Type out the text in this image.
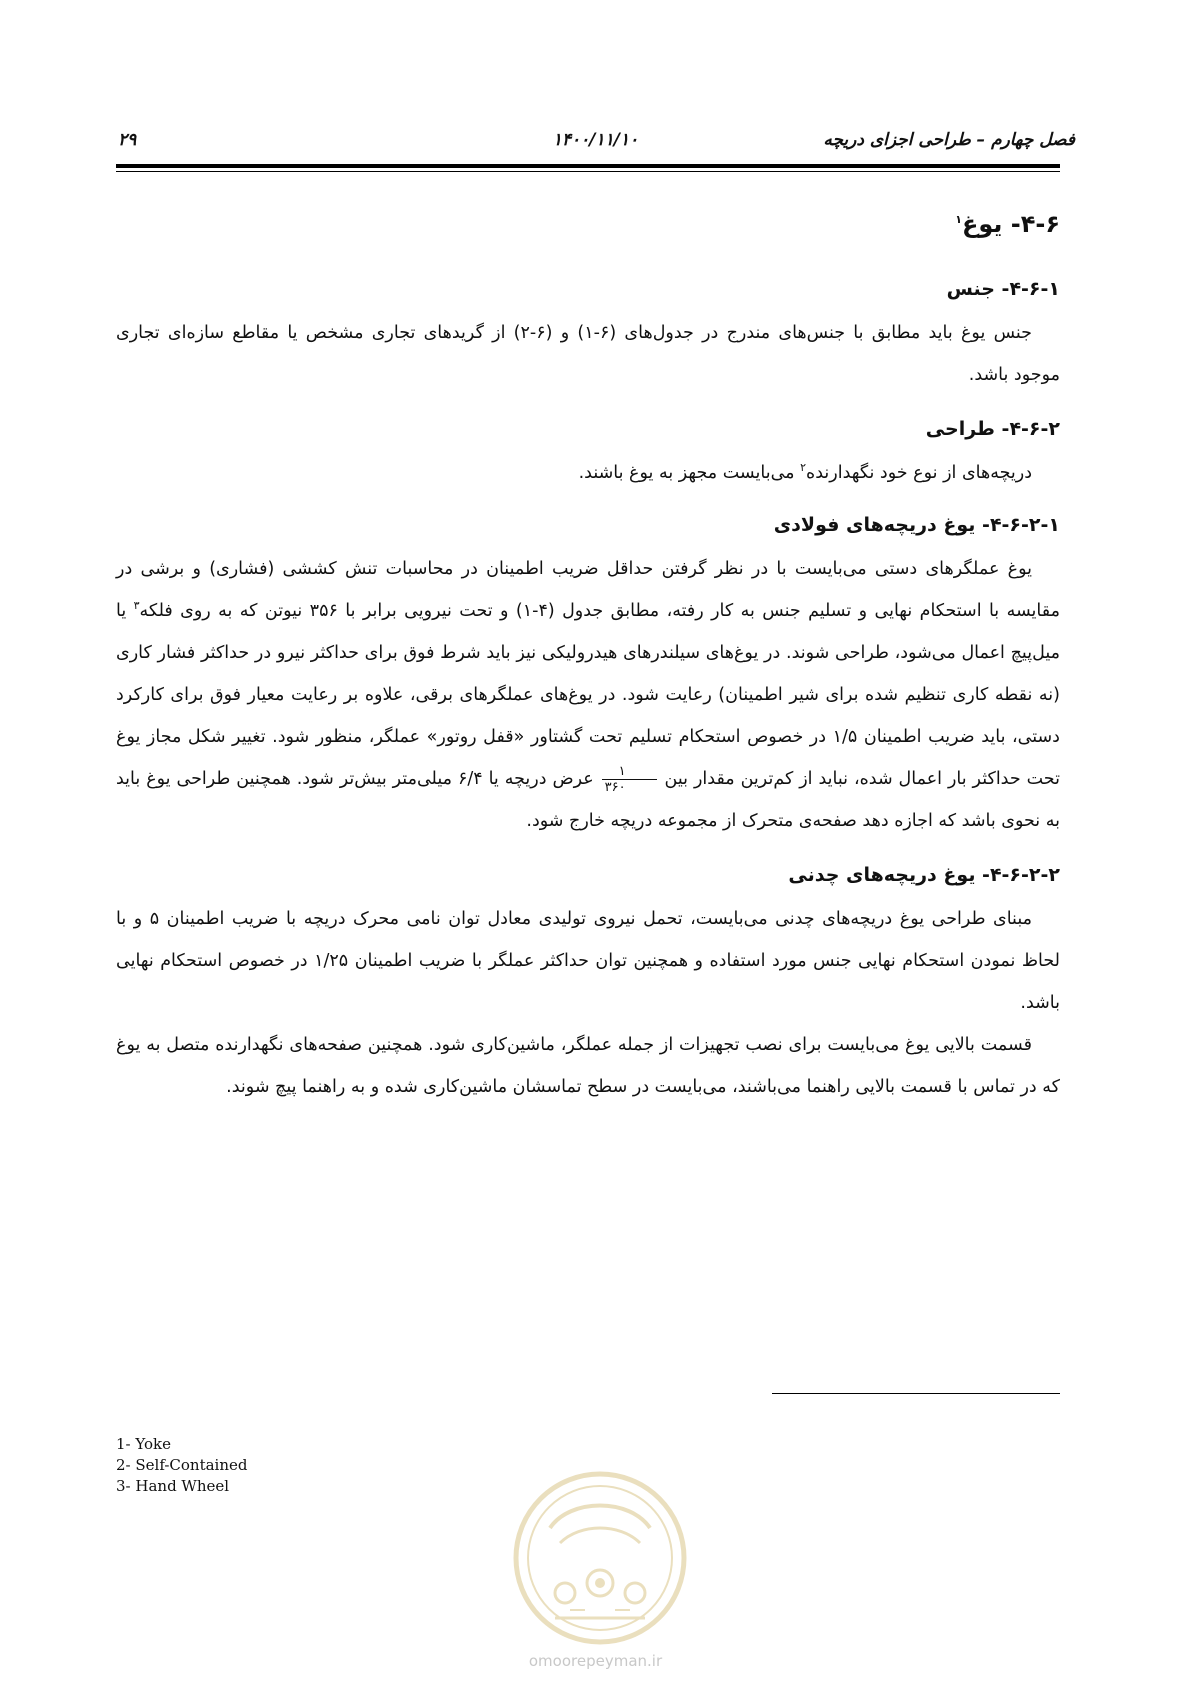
فصل چهارم – طراحی اجزای دریچه
۱۴۰۰/۱۱/۱۰
۲۹
۴-۶- یوغ$^۱$
۴-۶-۱- جنس

جنس یوغ باید مطابق با جنس‌های مندرج در جدول‌های (۶-۱) و (۶-۲) از گریدهای تجاری مشخص یا مقاطع سازه‌ای تجاری موجود باشد.

۴-۶-۲- طراحی

دریچه‌های از نوع خود نگهدارنده$^۲$ می‌بایست مجهز به یوغ باشند.

۴-۶-۲-۱- یوغ دریچه‌های فولادی

یوغ عملگرهای دستی می‌بایست با در نظر گرفتن حداقل ضریب اطمینان در محاسبات تنش کششی (فشاری) و برشی در مقایسه با استحکام نهایی و تسلیم جنس به کار رفته، مطابق جدول (۴-۱) و تحت نیرویی برابر با ۳۵۶ نیوتن که به روی فلکه$^۳$ یا میل‌پیچ اعمال می‌شود، طراحی شوند. در یوغ‌های سیلندرهای هیدرولیکی نیز باید شرط فوق برای حداکثر نیرو در حداکثر فشار کاری (نه نقطه کاری تنظیم شده برای شیر اطمینان) رعایت شود. در یوغ‌های عملگرهای برقی، علاوه بر رعایت معیار فوق برای کارکرد دستی، باید ضریب اطمینان ۱/۵ در خصوص استحکام تسلیم تحت گشتاور «قفل روتور» عملگر، منظور شود. تغییر شکل مجاز یوغ تحت حداکثر بار اعمال شده، نباید از کم‌ترین مقدار بین
$\frac{۱}{۳۶۰}$
عرض دریچه یا ۶/۴ میلی‌متر بیش‌تر شود. همچنین طراحی یوغ باید به نحوی باشد که اجازه دهد صفحه‌ی متحرک از مجموعه دریچه خارج شود.

۴-۶-۲-۲- یوغ دریچه‌های چدنی

مبنای طراحی یوغ دریچه‌های چدنی می‌بایست، تحمل نیروی تولیدی معادل توان نامی محرک دریچه با ضریب اطمینان ۵ و با لحاظ نمودن استحکام نهایی جنس مورد استفاده و همچنین توان حداکثر عملگر با ضریب اطمینان ۱/۲۵ در خصوص استحکام نهایی باشد.

قسمت بالایی یوغ می‌بایست برای نصب تجهیزات از جمله عملگر، ماشین‌کاری شود. همچنین صفحه‌های نگهدارنده متصل به یوغ که در تماس با قسمت بالایی راهنما می‌باشند، می‌بایست در سطح تماسشان ماشین‌کاری شده و به راهنما پیچ شوند.

1- Yoke
2- Self-Contained
3- Hand Wheel
omoorepeyman.ir
